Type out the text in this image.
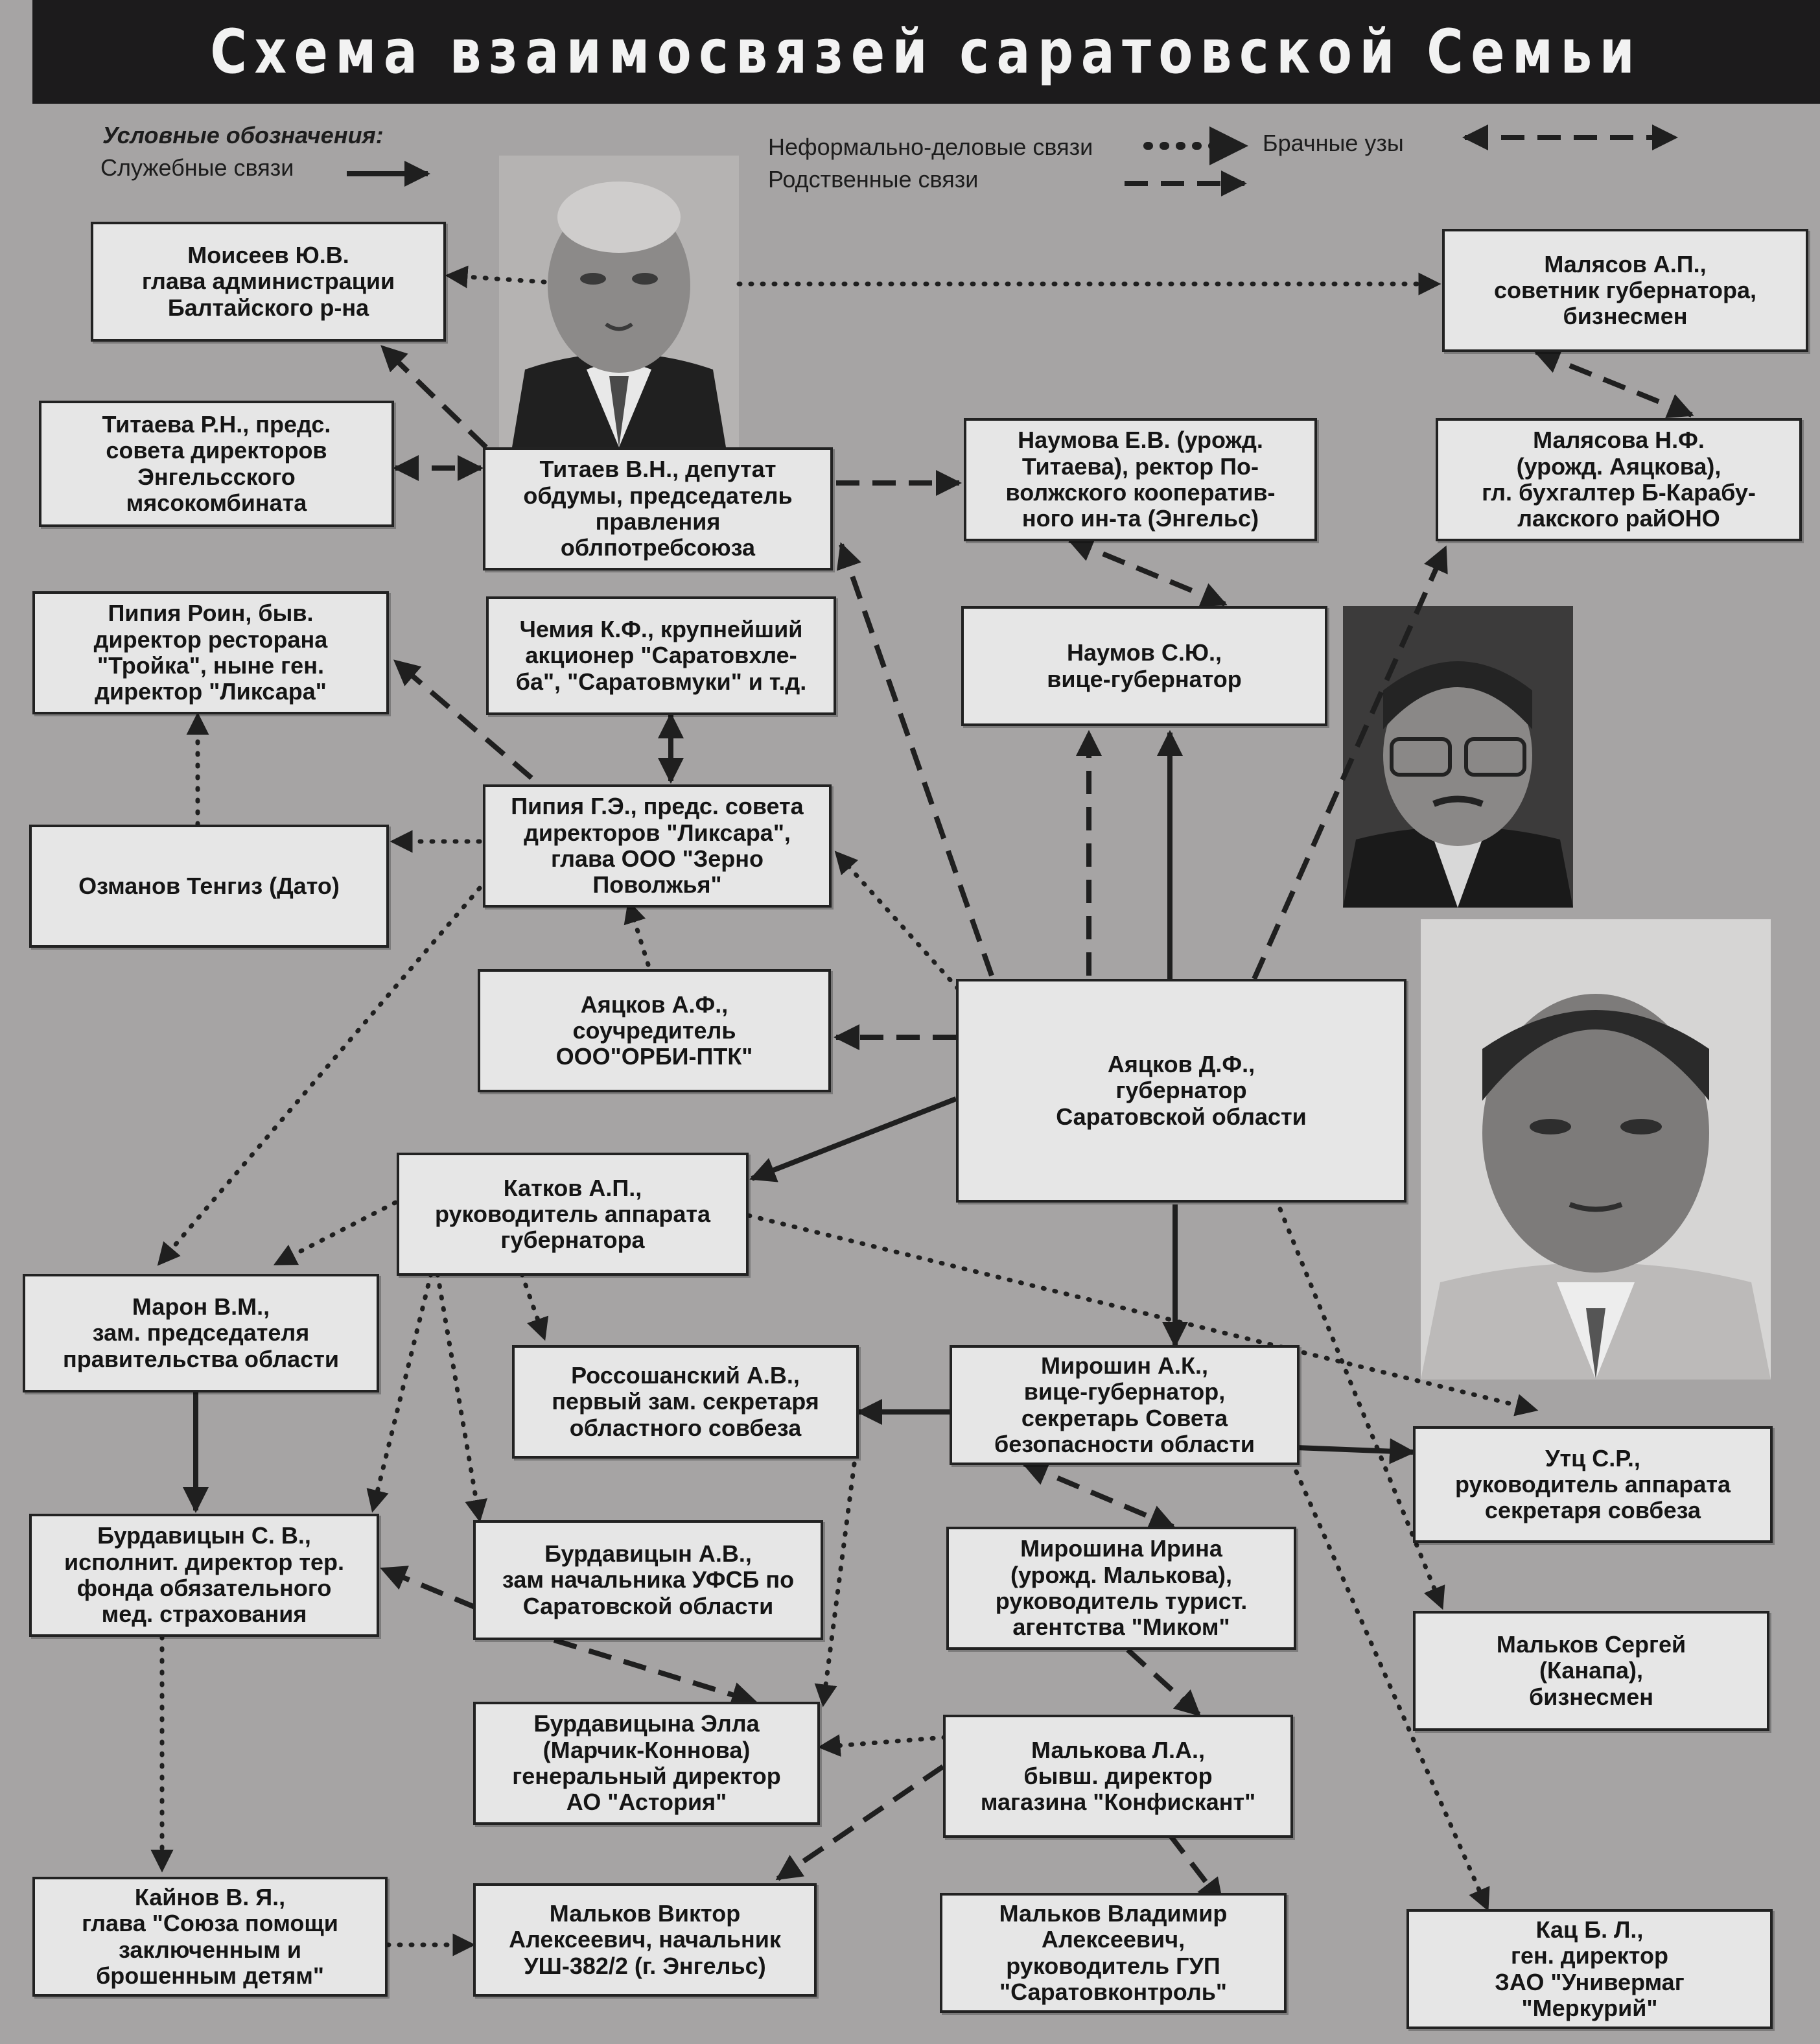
Схема взаимосвязей саратовской Семьи
Условные обозначения:
Служебные связи
Неформально-деловые связи	Брачные узы
Родственные связи
Моисеев Ю.В.
глава администрации
Балтайского р-на
Малясов А.П.,
советник губернатора,
бизнесмен
Титаева Р.Н., предс.
совета директоров
Энгельсского
мясокомбината
Титаев В.Н., депутат
обдумы, председатель
правления
облпотребсоюза
Наумова Е.В. (урожд.
Титаева), ректор По-
волжского кооператив-
ного ин-та (Энгельс)
Малясова Н.Ф.
(урожд. Аяцкова),
гл. бухгалтер Б-Карабу-
лакского райОНО
Пипия Роин, быв.
директор ресторана
"Тройка", ныне ген.
директор "Ликсара"
Чемия К.Ф., крупнейший
акционер "Саратовхле-
ба", "Саратовмуки" и т.д.
Наумов С.Ю.,
вице-губернатор
Пипия Г.Э., предс. совета
директоров "Ликсара",
глава ООО "Зерно
Поволжья"
Озманов Тенгиз (Дато)
Аяцков А.Ф.,
соучредитель
ООО"ОРБИ-ПТК"	Аяцков Д.Ф.,
губернатор
Саратовской области
Катков А.П.,
руководитель аппарата
губернатора
Марон В.М.,
зам. председателя
правительства области
Россошанский А.В.,
первый зам. секретаря
областного совбеза
Мирошин А.К.,
вице-губернатор,
секретарь Совета
безопасности области
Утц С.Р.,
руководитель аппарата
секретаря совбеза
Бурдавицын С. В.,
исполнит. директор тер.
фонда обязательного
мед. страхования
Бурдавицын А.В.,
зам начальника УФСБ по
Саратовской области
Мирошина Ирина
(урожд. Малькова),
руководитель турист.
агентства "Миком"
Мальков Сергей
(Канапа),
бизнесмен
Бурдавицына Элла
(Марчик-Коннова)
генеральный директор
АО "Астория"
Малькова Л.А.,
бывш. директор
магазина "Конфискант"
Кайнов В. Я.,
глава "Союза помощи
заключенным и
брошенным детям"
Мальков Виктор
Алексеевич, начальник
УШ-382/2 (г. Энгельс)
Мальков Владимир
Алексеевич,
руководитель ГУП
"Саратовконтроль"
Кац Б. Л.,
ген. директор
ЗАО "Универмаг
"Меркурий"
